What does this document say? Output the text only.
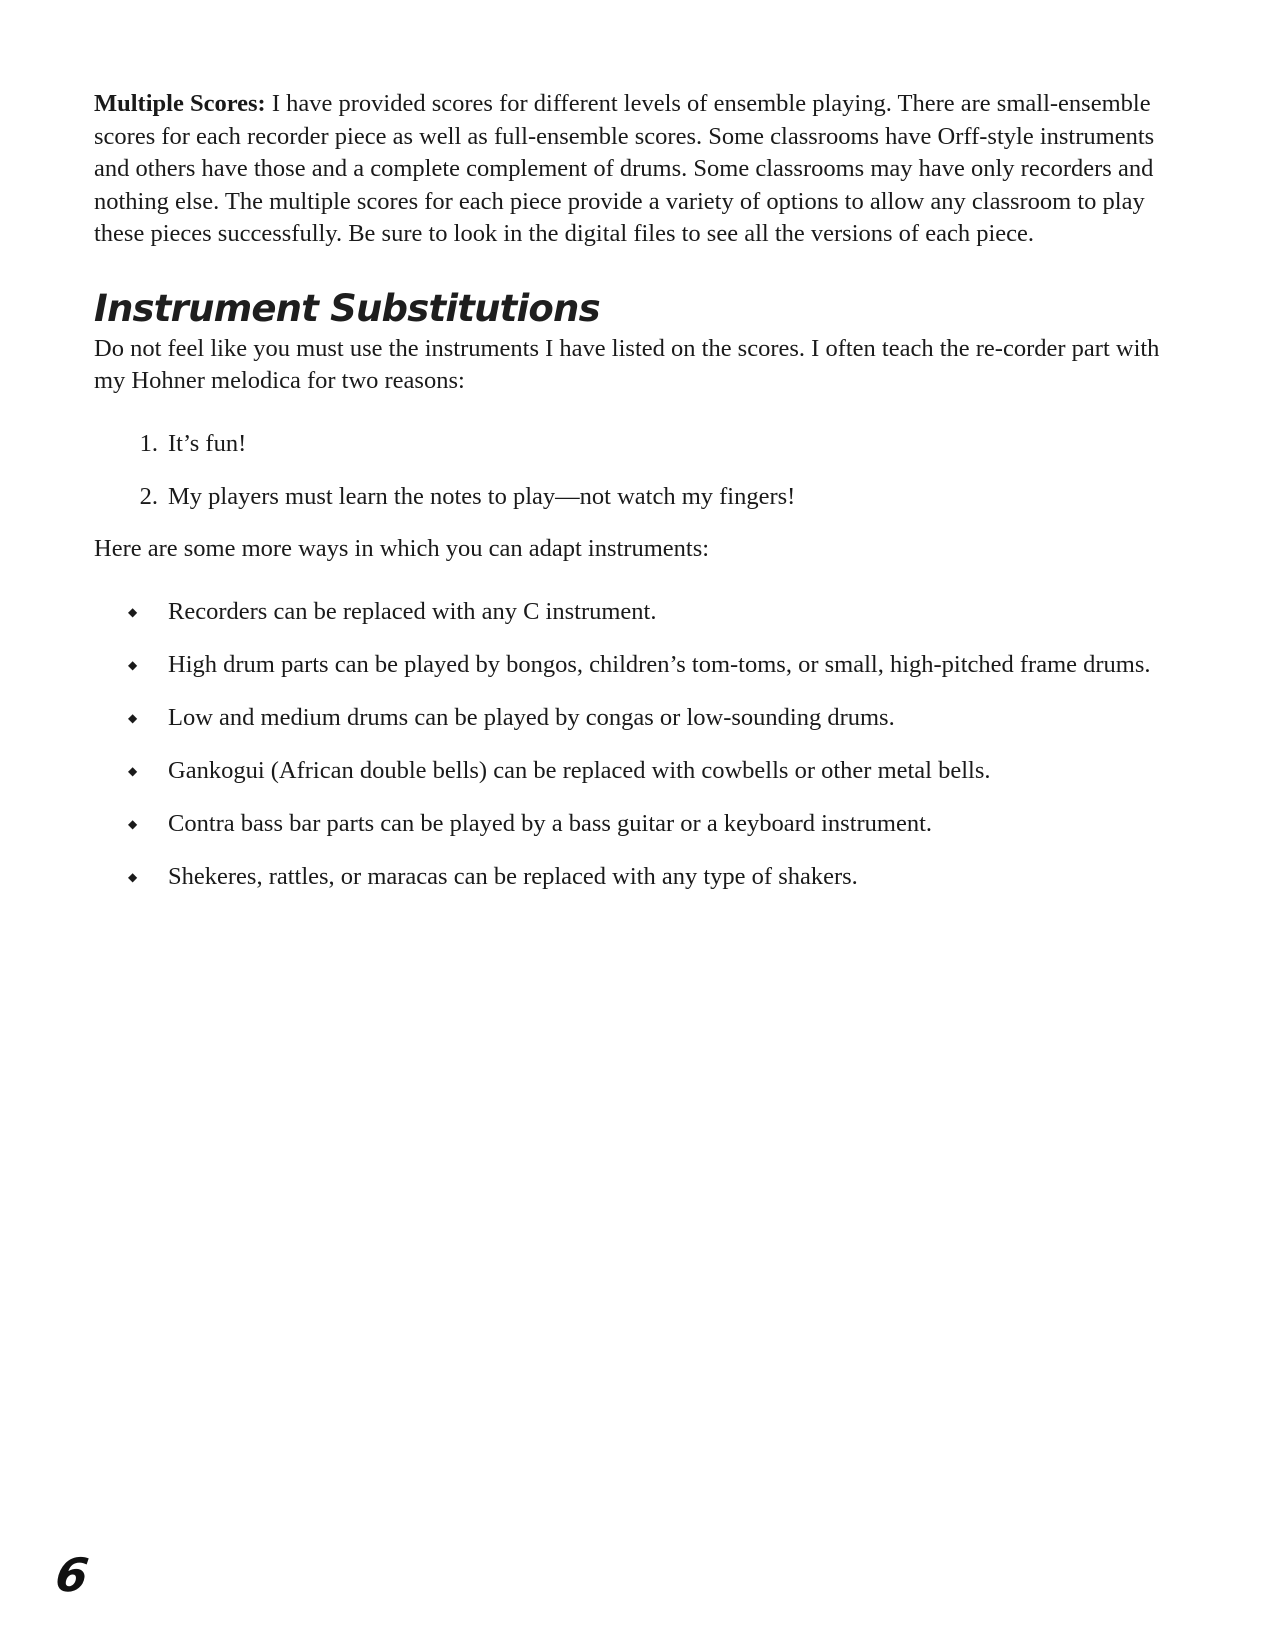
Multiple Scores: I have provided scores for different levels of ensemble playing. There are small-ensemble scores for each recorder piece as well as full-ensemble scores. Some classrooms have Orff-style instruments and others have those and a complete complement of drums. Some classrooms may have only recorders and nothing else. The multiple scores for each piece provide a variety of options to allow any classroom to play these pieces successfully. Be sure to look in the digital files to see all the versions of each piece.

Instrument Substitutions

Do not feel like you must use the instruments I have listed on the scores. I often teach the re-corder part with my Hohner melodica for two reasons:

1. It’s fun!
2. My players must learn the notes to play—not watch my fingers!

Here are some more ways in which you can adapt instruments:

◆ Recorders can be replaced with any C instrument.
◆ High drum parts can be played by bongos, children’s tom-toms, or small, high-pitched frame drums.
◆ Low and medium drums can be played by congas or low-sounding drums.
◆ Gankogui (African double bells) can be replaced with cowbells or other metal bells.
◆ Contra bass bar parts can be played by a bass guitar or a keyboard instrument.
◆ Shekeres, rattles, or maracas can be replaced with any type of shakers.
6
